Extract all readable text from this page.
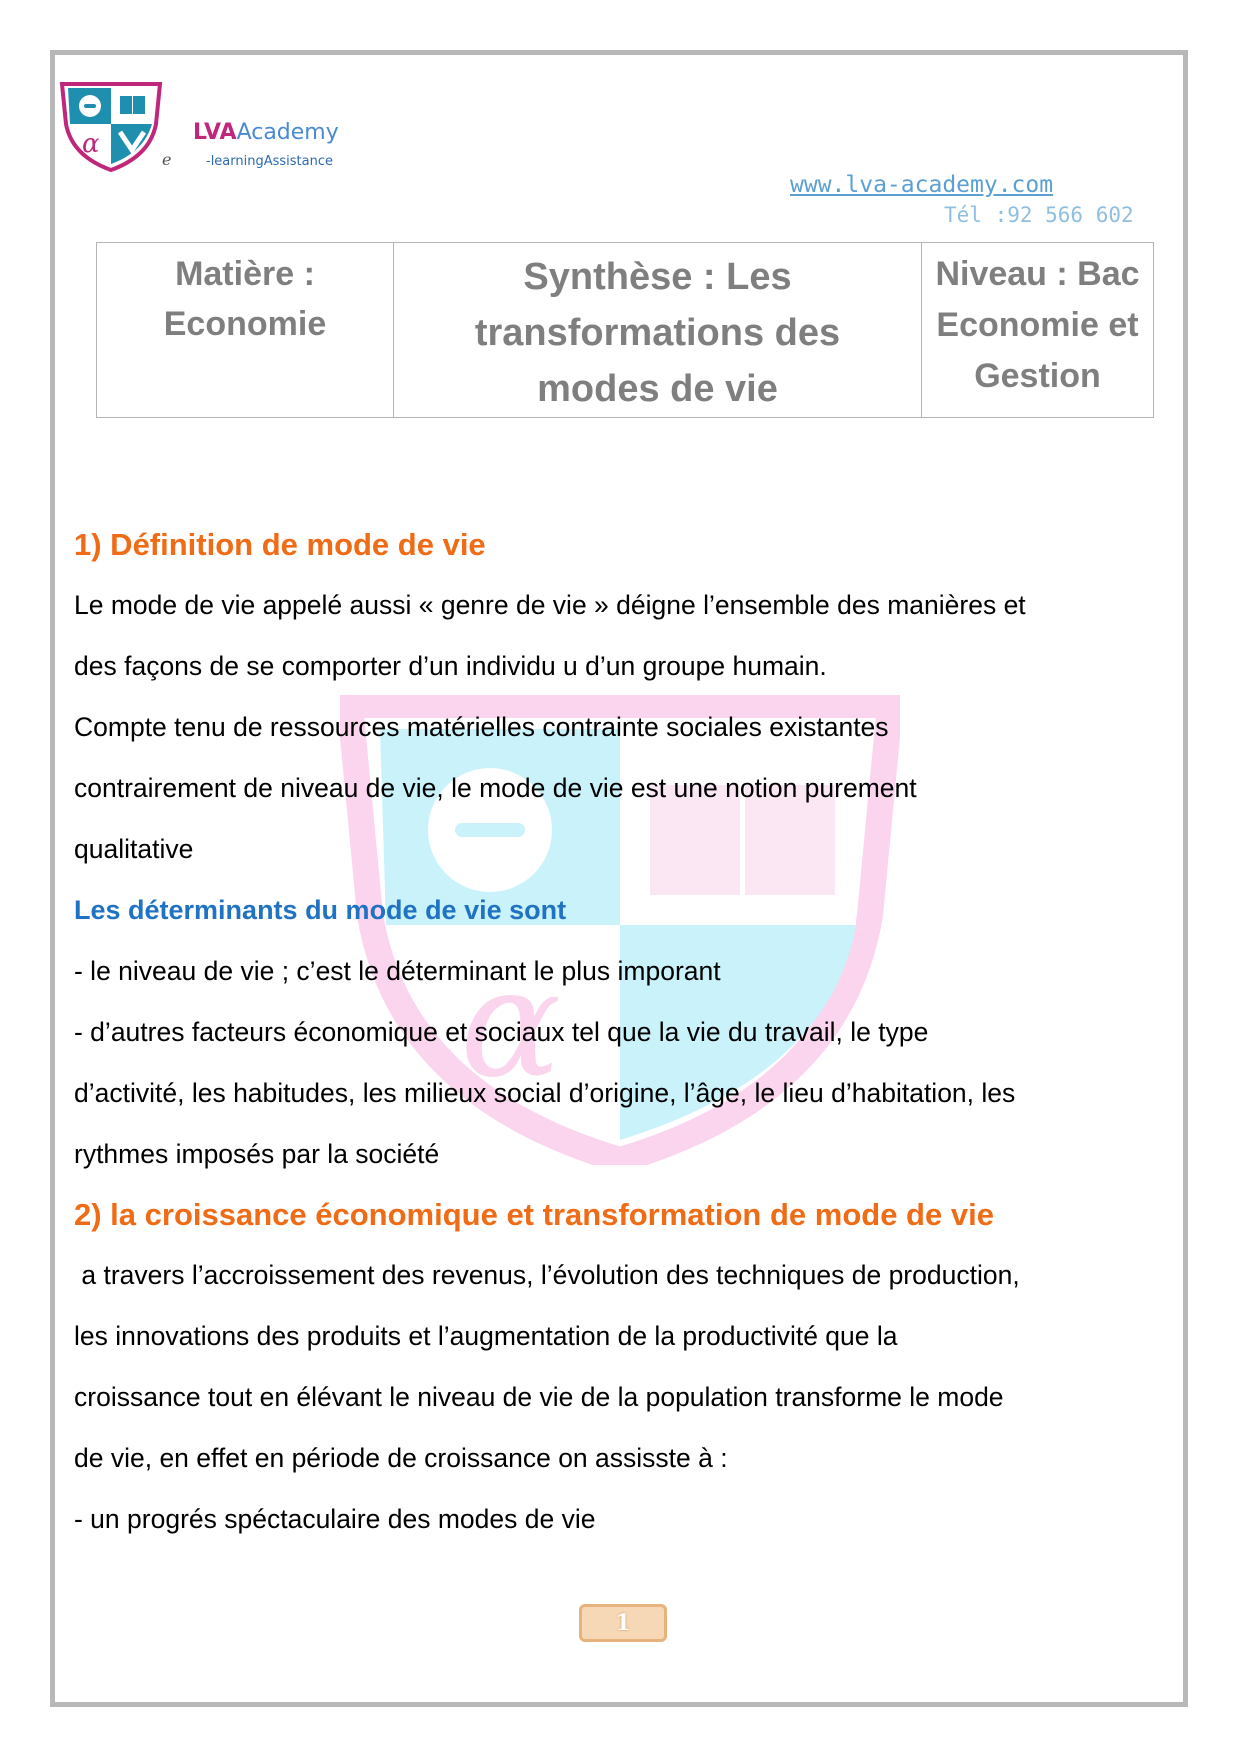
α	LVAAcademy
e	-learningAssistance
www.lva-academy.com
Tél :92 566 602
Matière :
Economie

Synthèse : Les
transformations des
modes de vie

Niveau : Bac
Economie et
Gestion
α
1) Définition de mode de vie
Le mode de vie appelé aussi « genre de vie » déigne l’ensemble des manières et
des façons de se comporter d’un individu u d’un groupe humain.
Compte tenu de ressources matérielles contrainte sociales existantes
contrairement de niveau de vie, le mode de vie est une notion purement
qualitative
Les déterminants du mode de vie sont
- le niveau de vie ; c’est le déterminant le plus imporant
- d’autres facteurs économique et sociaux tel que la vie du travail, le type
d’activité, les habitudes, les milieux social d’origine, l’âge, le lieu d’habitation, les
rythmes imposés par la société
2) la croissance économique et transformation de mode de vie
a travers l’accroissement des revenus, l’évolution des techniques de production,
les innovations des produits et l’augmentation de la productivité que la
croissance tout en élévant le niveau de vie de la population transforme le mode
de vie, en effet en période de croissance on assisste à :
- un progrés spéctaculaire des modes de vie
1
